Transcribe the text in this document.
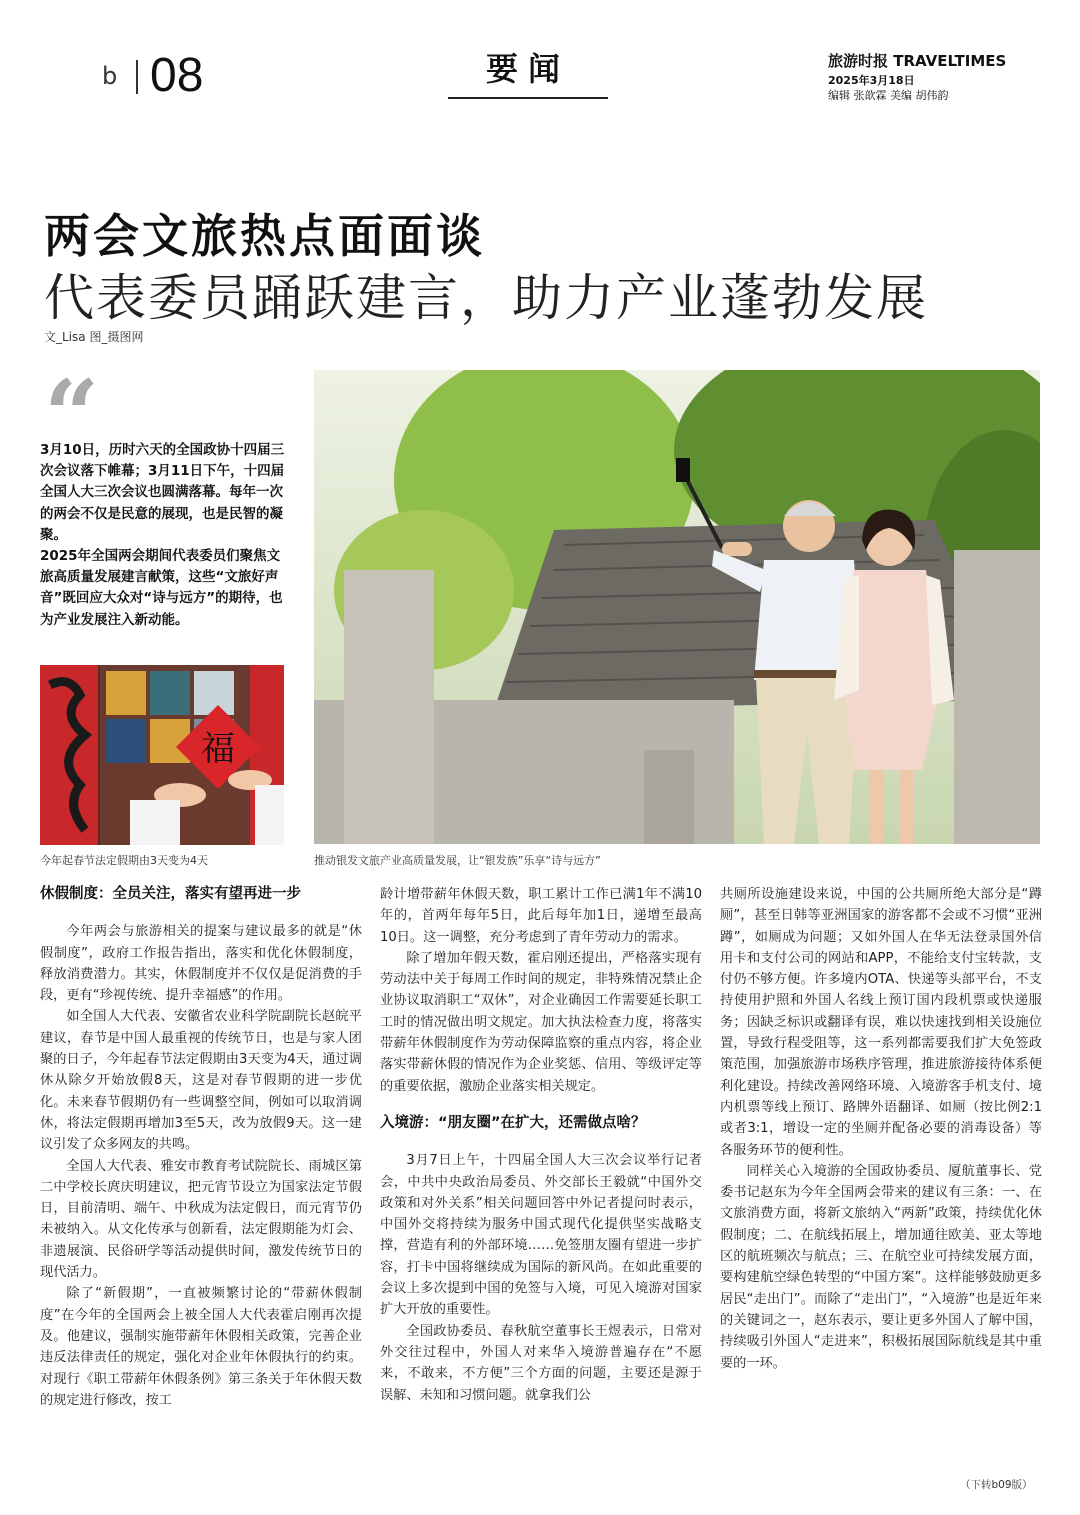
b 08	要闻	旅游时报 TRAVELTIMES
2025年3月18日
编辑 张歆霖 美编 胡伟韵
两会文旅热点面面谈
代表委员踊跃建言，助力产业蓬勃发展
文_Lisa 图_摄图网
“

3月10日，历时六天的全国政协十四届三次会议落下帷幕；3月11日下午，十四届全国人大三次会议也圆满落幕。每年一次的两会不仅是民意的展现，也是民智的凝聚。

2025年全国两会期间代表委员们聚焦文旅高质量发展建言献策，这些“文旅好声音”既回应大众对“诗与远方”的期待，也为产业发展注入新动能。

福
今年起春节法定假期由3天变为4天	推动银发文旅产业高质量发展，让“银发族”乐享“诗与远方”

休假制度：全员关注，落实有望再进一步

今年两会与旅游相关的提案与建议最多的就是“休假制度”，政府工作报告指出，落实和优化休假制度，释放消费潜力。其实，休假制度并不仅仅是促消费的手段，更有“珍视传统、提升幸福感”的作用。

如全国人大代表、安徽省农业科学院副院长赵皖平建议，春节是中国人最重视的传统节日，也是与家人团聚的日子，今年起春节法定假期由3天变为4天，通过调休从除夕开始放假8天，这是对春节假期的进一步优化。未来春节假期仍有一些调整空间，例如可以取消调休，将法定假期再增加3至5天，改为放假9天。这一建议引发了众多网友的共鸣。

全国人大代表、雅安市教育考试院院长、雨城区第二中学校长庹庆明建议，把元宵节设立为国家法定节假日，目前清明、端午、中秋成为法定假日，而元宵节仍未被纳入。从文化传承与创新看，法定假期能为灯会、非遗展演、民俗研学等活动提供时间，激发传统节日的现代活力。

除了“新假期”，一直被频繁讨论的“带薪休假制度”在今年的全国两会上被全国人大代表霍启刚再次提及。他建议，强制实施带薪年休假相关政策，完善企业违反法律责任的规定，强化对企业年休假执行的约束。对现行《职工带薪年休假条例》第三条关于年休假天数的规定进行修改，按工

龄计增带薪年休假天数，职工累计工作已满1年不满10年的，首两年每年5日，此后每年加1日，递增至最高10日。这一调整，充分考虑到了青年劳动力的需求。

除了增加年假天数，霍启刚还提出，严格落实现有劳动法中关于每周工作时间的规定，非特殊情况禁止企业协议取消职工“双休”，对企业确因工作需要延长职工工时的情况做出明文规定。加大执法检查力度，将落实带薪年休假制度作为劳动保障监察的重点内容，将企业落实带薪休假的情况作为企业奖惩、信用、等级评定等的重要依据，激励企业落实相关规定。

入境游：“朋友圈”在扩大，还需做点啥？

3月7日上午，十四届全国人大三次会议举行记者会，中共中央政治局委员、外交部长王毅就“中国外交政策和对外关系”相关问题回答中外记者提问时表示，中国外交将持续为服务中国式现代化提供坚实战略支撑，营造有利的外部环境……免签朋友圈有望进一步扩容，打卡中国将继续成为国际的新风尚。在如此重要的会议上多次提到中国的免签与入境，可见入境游对国家扩大开放的重要性。

全国政协委员、春秋航空董事长王煜表示，日常对外交往过程中，外国人对来华入境游普遍存在“不愿来，不敢来，不方便”三个方面的问题，主要还是源于误解、未知和习惯问题。就拿我们公

共厕所设施建设来说，中国的公共厕所绝大部分是“蹲厕”，甚至日韩等亚洲国家的游客都不会或不习惯“亚洲蹲”，如厕成为问题；又如外国人在华无法登录国外信用卡和支付公司的网站和APP，不能给支付宝转款，支付仍不够方便。许多境内OTA、快递等头部平台，不支持使用护照和外国人名线上预订国内段机票或快递服务；因缺乏标识或翻译有误，难以快速找到相关设施位置，导致行程受阻等，这一系列都需要我们扩大免签政策范围，加强旅游市场秩序管理，推进旅游接待体系便利化建设。持续改善网络环境、入境游客手机支付、境内机票等线上预订、路牌外语翻译、如厕（按比例2:1或者3:1，增设一定的坐厕并配备必要的消毒设备）等各服务环节的便利性。

同样关心入境游的全国政协委员、厦航董事长、党委书记赵东为今年全国两会带来的建议有三条：一、在文旅消费方面，将新文旅纳入“两新”政策，持续优化休假制度；二、在航线拓展上，增加通往欧美、亚太等地区的航班频次与航点；三、在航空业可持续发展方面，要构建航空绿色转型的“中国方案”。这样能够鼓励更多居民“走出门”。而除了“走出门”，“入境游”也是近年来的关键词之一，赵东表示，要让更多外国人了解中国，持续吸引外国人“走进来”，积极拓展国际航线是其中重要的一环。

（下转b09版）
